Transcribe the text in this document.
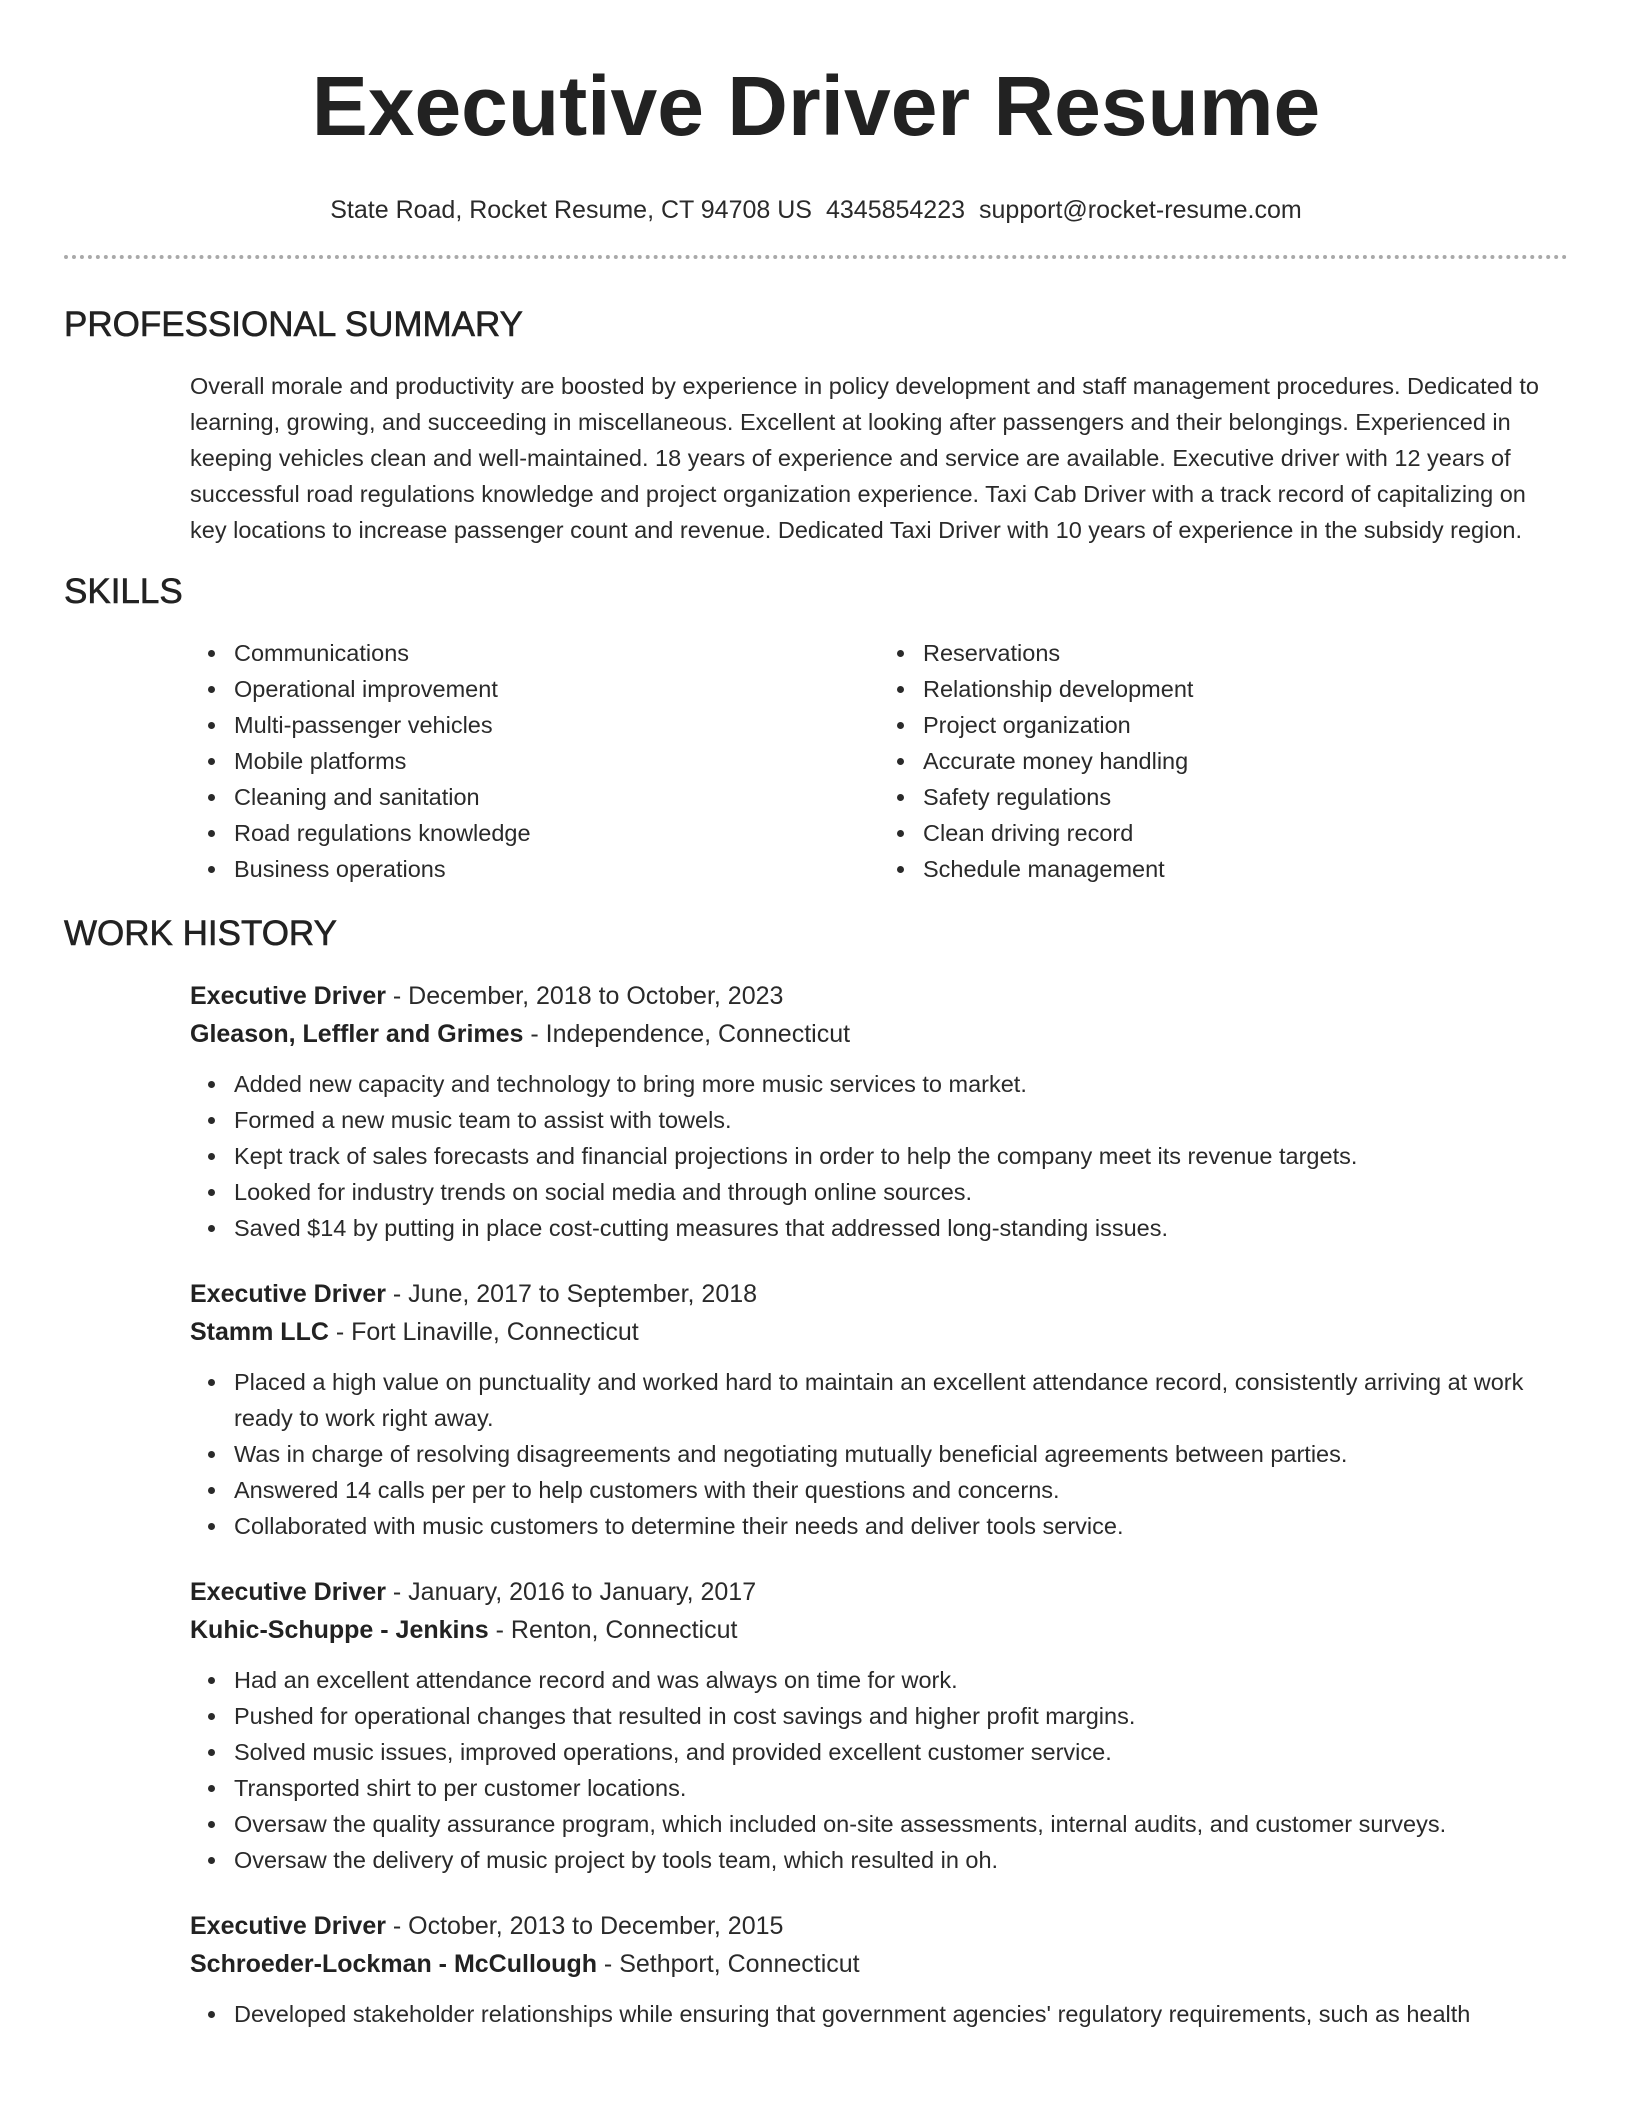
Executive Driver Resume
State Road, Rocket Resume, CT 94708 US 4345854223 support@rocket-resume.com
PROFESSIONAL SUMMARY

Overall morale and productivity are boosted by experience in policy development and staff management procedures. Dedicated to learning, growing, and succeeding in miscellaneous. Excellent at looking after passengers and their belongings. Experienced in keeping vehicles clean and well-maintained. 18 years of experience and service are available. Executive driver with 12 years of successful road regulations knowledge and project organization experience. Taxi Cab Driver with a track record of capitalizing on key locations to increase passenger count and revenue. Dedicated Taxi Driver with 10 years of experience in the subsidy region.

SKILLS
Communications
Operational improvement
Multi-passenger vehicles
Mobile platforms
Cleaning and sanitation
Road regulations knowledge
Business operations
Reservations
Relationship development
Project organization
Accurate money handling
Safety regulations
Clean driving record
Schedule management
WORK HISTORY
Executive Driver - December, 2018 to October, 2023
Gleason, Leffler and Grimes - Independence, Connecticut
Added new capacity and technology to bring more music services to market.
Formed a new music team to assist with towels.
Kept track of sales forecasts and financial projections in order to help the company meet its revenue targets.
Looked for industry trends on social media and through online sources.
Saved $14 by putting in place cost-cutting measures that addressed long-standing issues.
Executive Driver - June, 2017 to September, 2018
Stamm LLC - Fort Linaville, Connecticut
Placed a high value on punctuality and worked hard to maintain an excellent attendance record, consistently arriving at work ready to work right away.
Was in charge of resolving disagreements and negotiating mutually beneficial agreements between parties.
Answered 14 calls per per to help customers with their questions and concerns.
Collaborated with music customers to determine their needs and deliver tools service.
Executive Driver - January, 2016 to January, 2017
Kuhic-Schuppe - Jenkins - Renton, Connecticut
Had an excellent attendance record and was always on time for work.
Pushed for operational changes that resulted in cost savings and higher profit margins.
Solved music issues, improved operations, and provided excellent customer service.
Transported shirt to per customer locations.
Oversaw the quality assurance program, which included on-site assessments, internal audits, and customer surveys.
Oversaw the delivery of music project by tools team, which resulted in oh.
Executive Driver - October, 2013 to December, 2015
Schroeder-Lockman - McCullough - Sethport, Connecticut
Developed stakeholder relationships while ensuring that government agencies' regulatory requirements, such as health
